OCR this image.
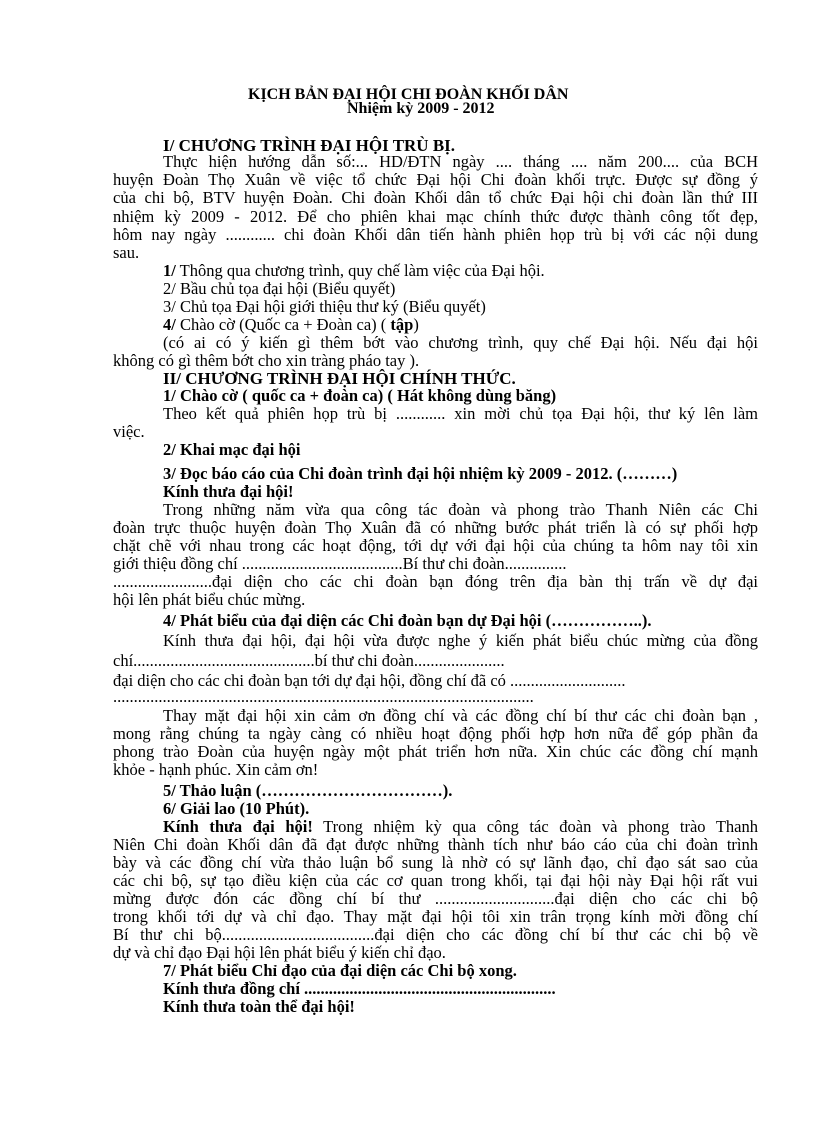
KỊCH BẢN ĐẠI HỘI CHI ĐOÀN KHỐI DÂN
Nhiệm kỳ 2009 - 2012
I/ CHƯƠNG TRÌNH ĐẠI HỘI TRÙ BỊ.
Thực hiện hướng dẫn số:... HD/ĐTN ngày .... tháng .... năm 200.... của BCH
huyện Đoàn Thọ Xuân về việc tổ chức Đại hội Chi đoàn khối trực. Được sự đồng ý
của chi bộ, BTV huyện Đoàn. Chi đoàn Khối dân tổ chức Đại hội chi đoàn lần thứ III
nhiệm kỳ 2009 - 2012. Để cho phiên khai mạc chính thức được thành công tốt đẹp,
hôm nay ngày ............ chi đoàn Khối dân tiến hành phiên họp trù bị với các nội dung
sau.
1/ Thông qua chương trình, quy chế làm việc của Đại hội.
2/ Bầu chủ tọa đại hội (Biểu quyết)
3/ Chủ tọa Đại hội giới thiệu thư ký (Biểu quyết)
4/ Chào cờ (Quốc ca + Đoàn ca) ( tập)
(có ai có ý kiến gì thêm bớt vào chương trình, quy chế Đại hội. Nếu đại hội
không có gì thêm bớt cho xin tràng pháo tay ).
II/ CHƯƠNG TRÌNH ĐẠI HỘI CHÍNH THỨC.
1/ Chào cờ ( quốc ca + đoàn ca) ( Hát không dùng băng)
Theo kết quả phiên họp trù bị ............ xin mời chủ tọa Đại hội, thư ký lên làm
việc.
2/ Khai mạc đại hội
3/ Đọc báo cáo của Chi đoàn trình đại hội nhiệm kỳ 2009 - 2012. (………)
Kính thưa đại hội!
Trong những năm vừa qua công tác đoàn và phong trào Thanh Niên các Chi
đoàn trực thuộc huyện đoàn Thọ Xuân đã có những bước phát triển là có sự phối hợp
chặt chẽ với nhau trong các hoạt động, tới dự với đại hội của chúng ta hôm nay tôi xin
giới thiệu đồng chí .......................................Bí thư chi đoàn...............
........................đại diện cho các chi đoàn bạn đóng trên địa bàn thị trấn về dự đại
hội lên phát biểu chúc mừng.
4/ Phát biểu của đại diện các Chi đoàn bạn dự Đại hội (……………..).
Kính thưa đại hội, đại hội vừa được nghe ý kiến phát biểu chúc mừng của đồng
chí............................................bí thư chi đoàn......................
đại diện cho các chi đoàn bạn tới dự đại hội, đồng chí đã có ............................
......................................................................................................
Thay mặt đại hội xin cảm ơn đồng chí và các đồng chí bí thư các chi đoàn bạn ,
mong rằng chúng ta ngày càng có nhiều hoạt động phối hợp hơn nữa để góp phần đa
phong trào Đoàn của huyện ngày một phát triển hơn nữa. Xin chúc các đồng chí mạnh
khỏe - hạnh phúc. Xin cảm ơn!
5/ Thảo luận (……………………………).
6/ Giải lao (10 Phút).
Kính thưa đại hội! Trong nhiệm kỳ qua công tác đoàn và phong trào Thanh
Niên Chi đoàn Khối dân đã đạt được những thành tích như báo cáo của chi đoàn trình
bày và các đồng chí vừa thảo luận bổ sung là nhờ có sự lãnh đạo, chỉ đạo sát sao của
các chi bộ, sự tạo điều kiện của các cơ quan trong khối, tại đại hội này Đại hội rất vui
mừng được đón các đồng chí bí thư .............................đại diện cho các chi bộ
trong khối tới dự và chỉ đạo. Thay mặt đại hội tôi xin trân trọng kính mời đồng chí
Bí thư chi bộ.....................................đại diện cho các đồng chí bí thư các chi bộ về
dự và chỉ đạo Đại hội lên phát biểu ý kiến chỉ đạo.
7/ Phát biểu Chỉ đạo của đại diện các Chi bộ xong.
Kính thưa đồng chí .............................................................
Kính thưa toàn thể đại hội!
